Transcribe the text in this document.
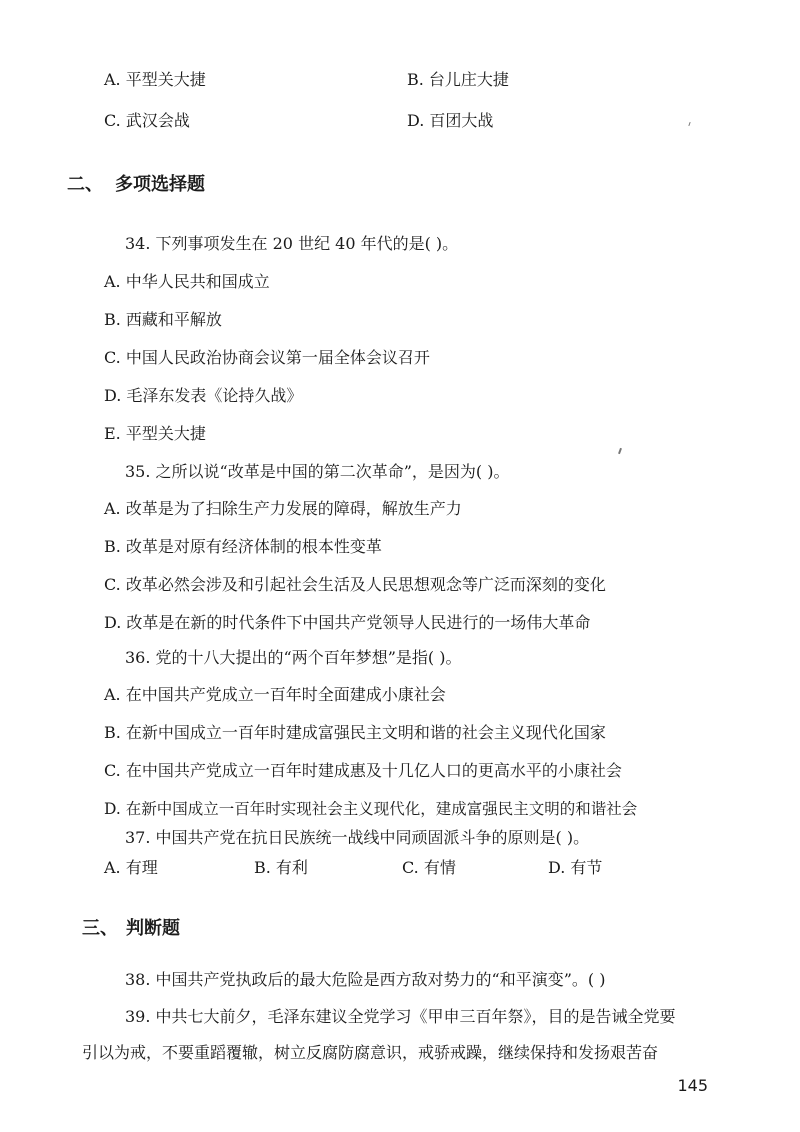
A. 平型关大捷	B. 台儿庄大捷
C. 武汉会战	D. 百团大战
二、 多项选择题
34. 下列事项发生在 20 世纪 40 年代的是( )。
A. 中华人民共和国成立
B. 西藏和平解放
C. 中国人民政治协商会议第一届全体会议召开
D. 毛泽东发表《论持久战》
E. 平型关大捷
35. 之所以说“改革是中国的第二次革命”，是因为( )。
A. 改革是为了扫除生产力发展的障碍，解放生产力
B. 改革是对原有经济体制的根本性变革
C. 改革必然会涉及和引起社会生活及人民思想观念等广泛而深刻的变化
D. 改革是在新的时代条件下中国共产党领导人民进行的一场伟大革命
36. 党的十八大提出的“两个百年梦想”是指( )。
A. 在中国共产党成立一百年时全面建成小康社会
B. 在新中国成立一百年时建成富强民主文明和谐的社会主义现代化国家
C. 在中国共产党成立一百年时建成惠及十几亿人口的更高水平的小康社会
D. 在新中国成立一百年时实现社会主义现代化，建成富强民主文明的和谐社会
37. 中国共产党在抗日民族统一战线中同顽固派斗争的原则是( )。
A. 有理	B. 有利	C. 有情	D. 有节
三、 判断题
38. 中国共产党执政后的最大危险是西方敌对势力的“和平演变”。( )
39. 中共七大前夕，毛泽东建议全党学习《甲申三百年祭》，目的是告诫全党要
引以为戒，不要重蹈覆辙，树立反腐防腐意识，戒骄戒躁，继续保持和发扬艰苦奋
145
